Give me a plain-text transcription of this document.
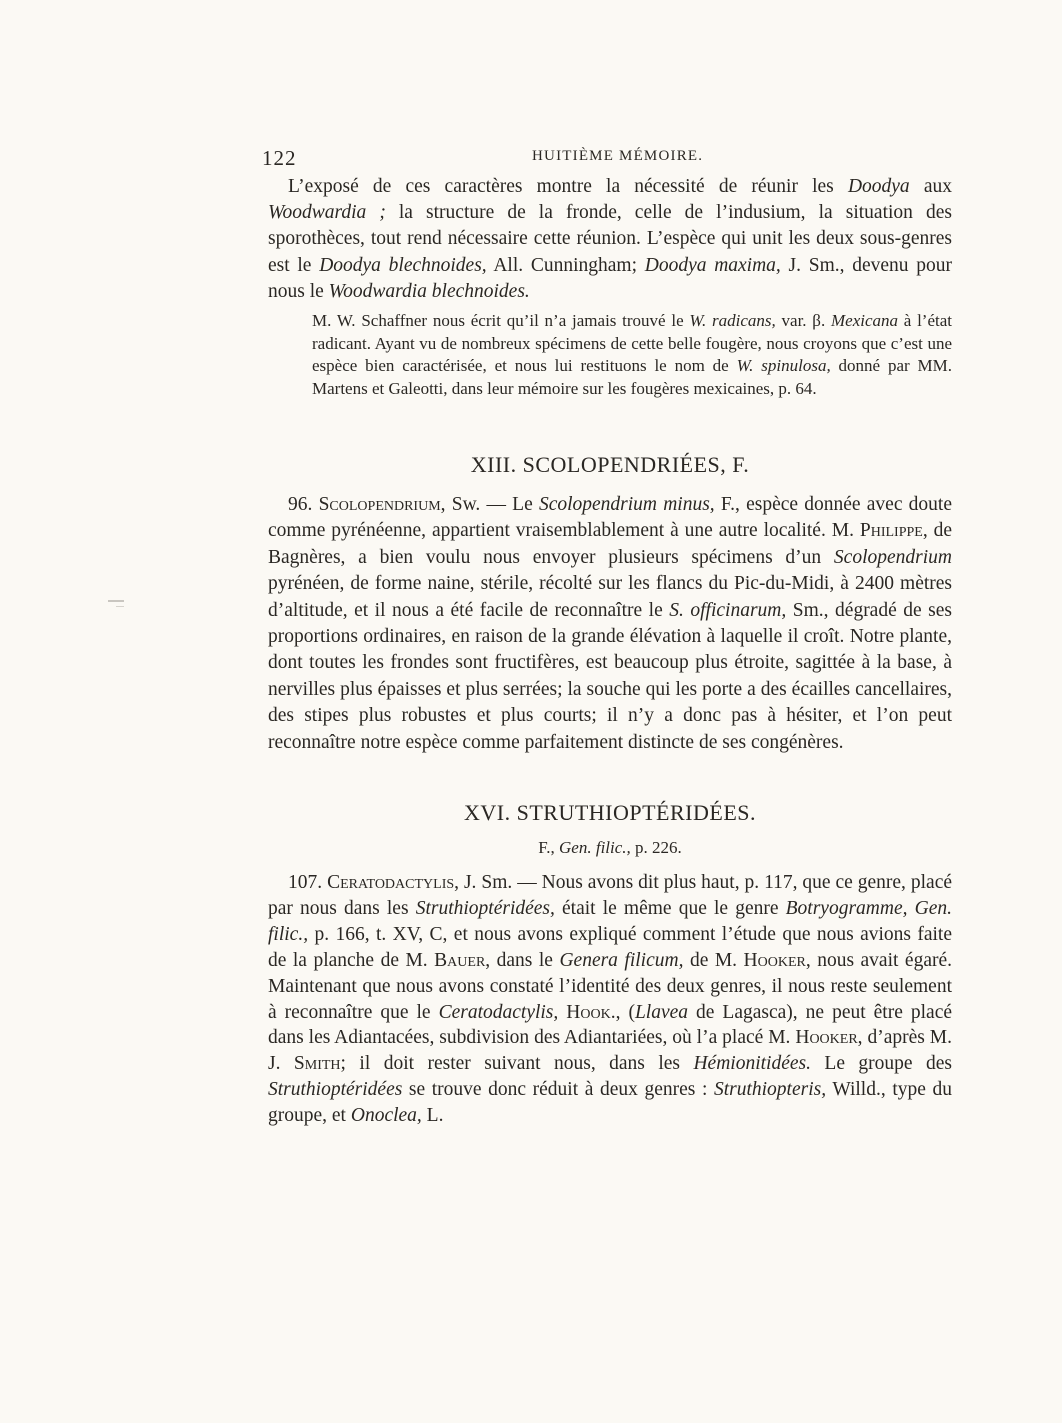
122	HUITIÈME MÉMOIRE.

L’exposé de ces caractères montre la nécessité de réunir les Doodya aux Woodwardia ; la structure de la fronde, celle de l’indusium, la situation des sporothèces, tout rend nécessaire cette réunion. L’espèce qui unit les deux sous-genres est le Doodya blechnoides, All. Cunningham; Doodya maxima, J. Sm., devenu pour nous le Woodwardia blechnoides.

M. W. Schaffner nous écrit qu’il n’a jamais trouvé le W. radicans, var. β. Mexicana à l’état radicant. Ayant vu de nombreux spécimens de cette belle fougère, nous croyons que c’est une espèce bien caractérisée, et nous lui restituons le nom de W. spinulosa, donné par MM. Martens et Galeotti, dans leur mémoire sur les fougères mexicaines, p. 64.

XIII. SCOLOPENDRIÉES, F.

96. Scolopendrium, Sw. — Le Scolopendrium minus, F., espèce donnée avec doute comme pyrénéenne, appartient vraisemblablement à une autre localité. M. Philippe, de Bagnères, a bien voulu nous envoyer plusieurs spécimens d’un Scolopendrium pyrénéen, de forme naine, stérile, récolté sur les flancs du Pic-du-Midi, à 2400 mètres d’altitude, et il nous a été facile de reconnaître le S. officinarum, Sm., dégradé de ses proportions ordinaires, en raison de la grande élévation à laquelle il croît. Notre plante, dont toutes les frondes sont fructifères, est beaucoup plus étroite, sagittée à la base, à nervilles plus épaisses et plus serrées; la souche qui les porte a des écailles cancellaires, des stipes plus robustes et plus courts; il n’y a donc pas à hésiter, et l’on peut reconnaître notre espèce comme parfaitement distincte de ses congénères.

XVI. STRUTHIOPTÉRIDÉES.
F., Gen. filic., p. 226.

107. Ceratodactylis, J. Sm. — Nous avons dit plus haut, p. 117, que ce genre, placé par nous dans les Struthioptéridées, était le même que le genre Botryogramme, Gen. filic., p. 166, t. XV, C, et nous avons expliqué comment l’étude que nous avions faite de la planche de M. Bauer, dans le Genera filicum, de M. Hooker, nous avait égaré. Maintenant que nous avons constaté l’identité des deux genres, il nous reste seulement à reconnaître que le Ceratodactylis, Hook., (Llavea de Lagasca), ne peut être placé dans les Adiantacées, subdivision des Adiantariées, où l’a placé M. Hooker, d’après M. J. Smith; il doit rester suivant nous, dans les Hémionitidées. Le groupe des Struthioptéridées se trouve donc réduit à deux genres : Struthiopteris, Willd., type du groupe, et Onoclea, L.
